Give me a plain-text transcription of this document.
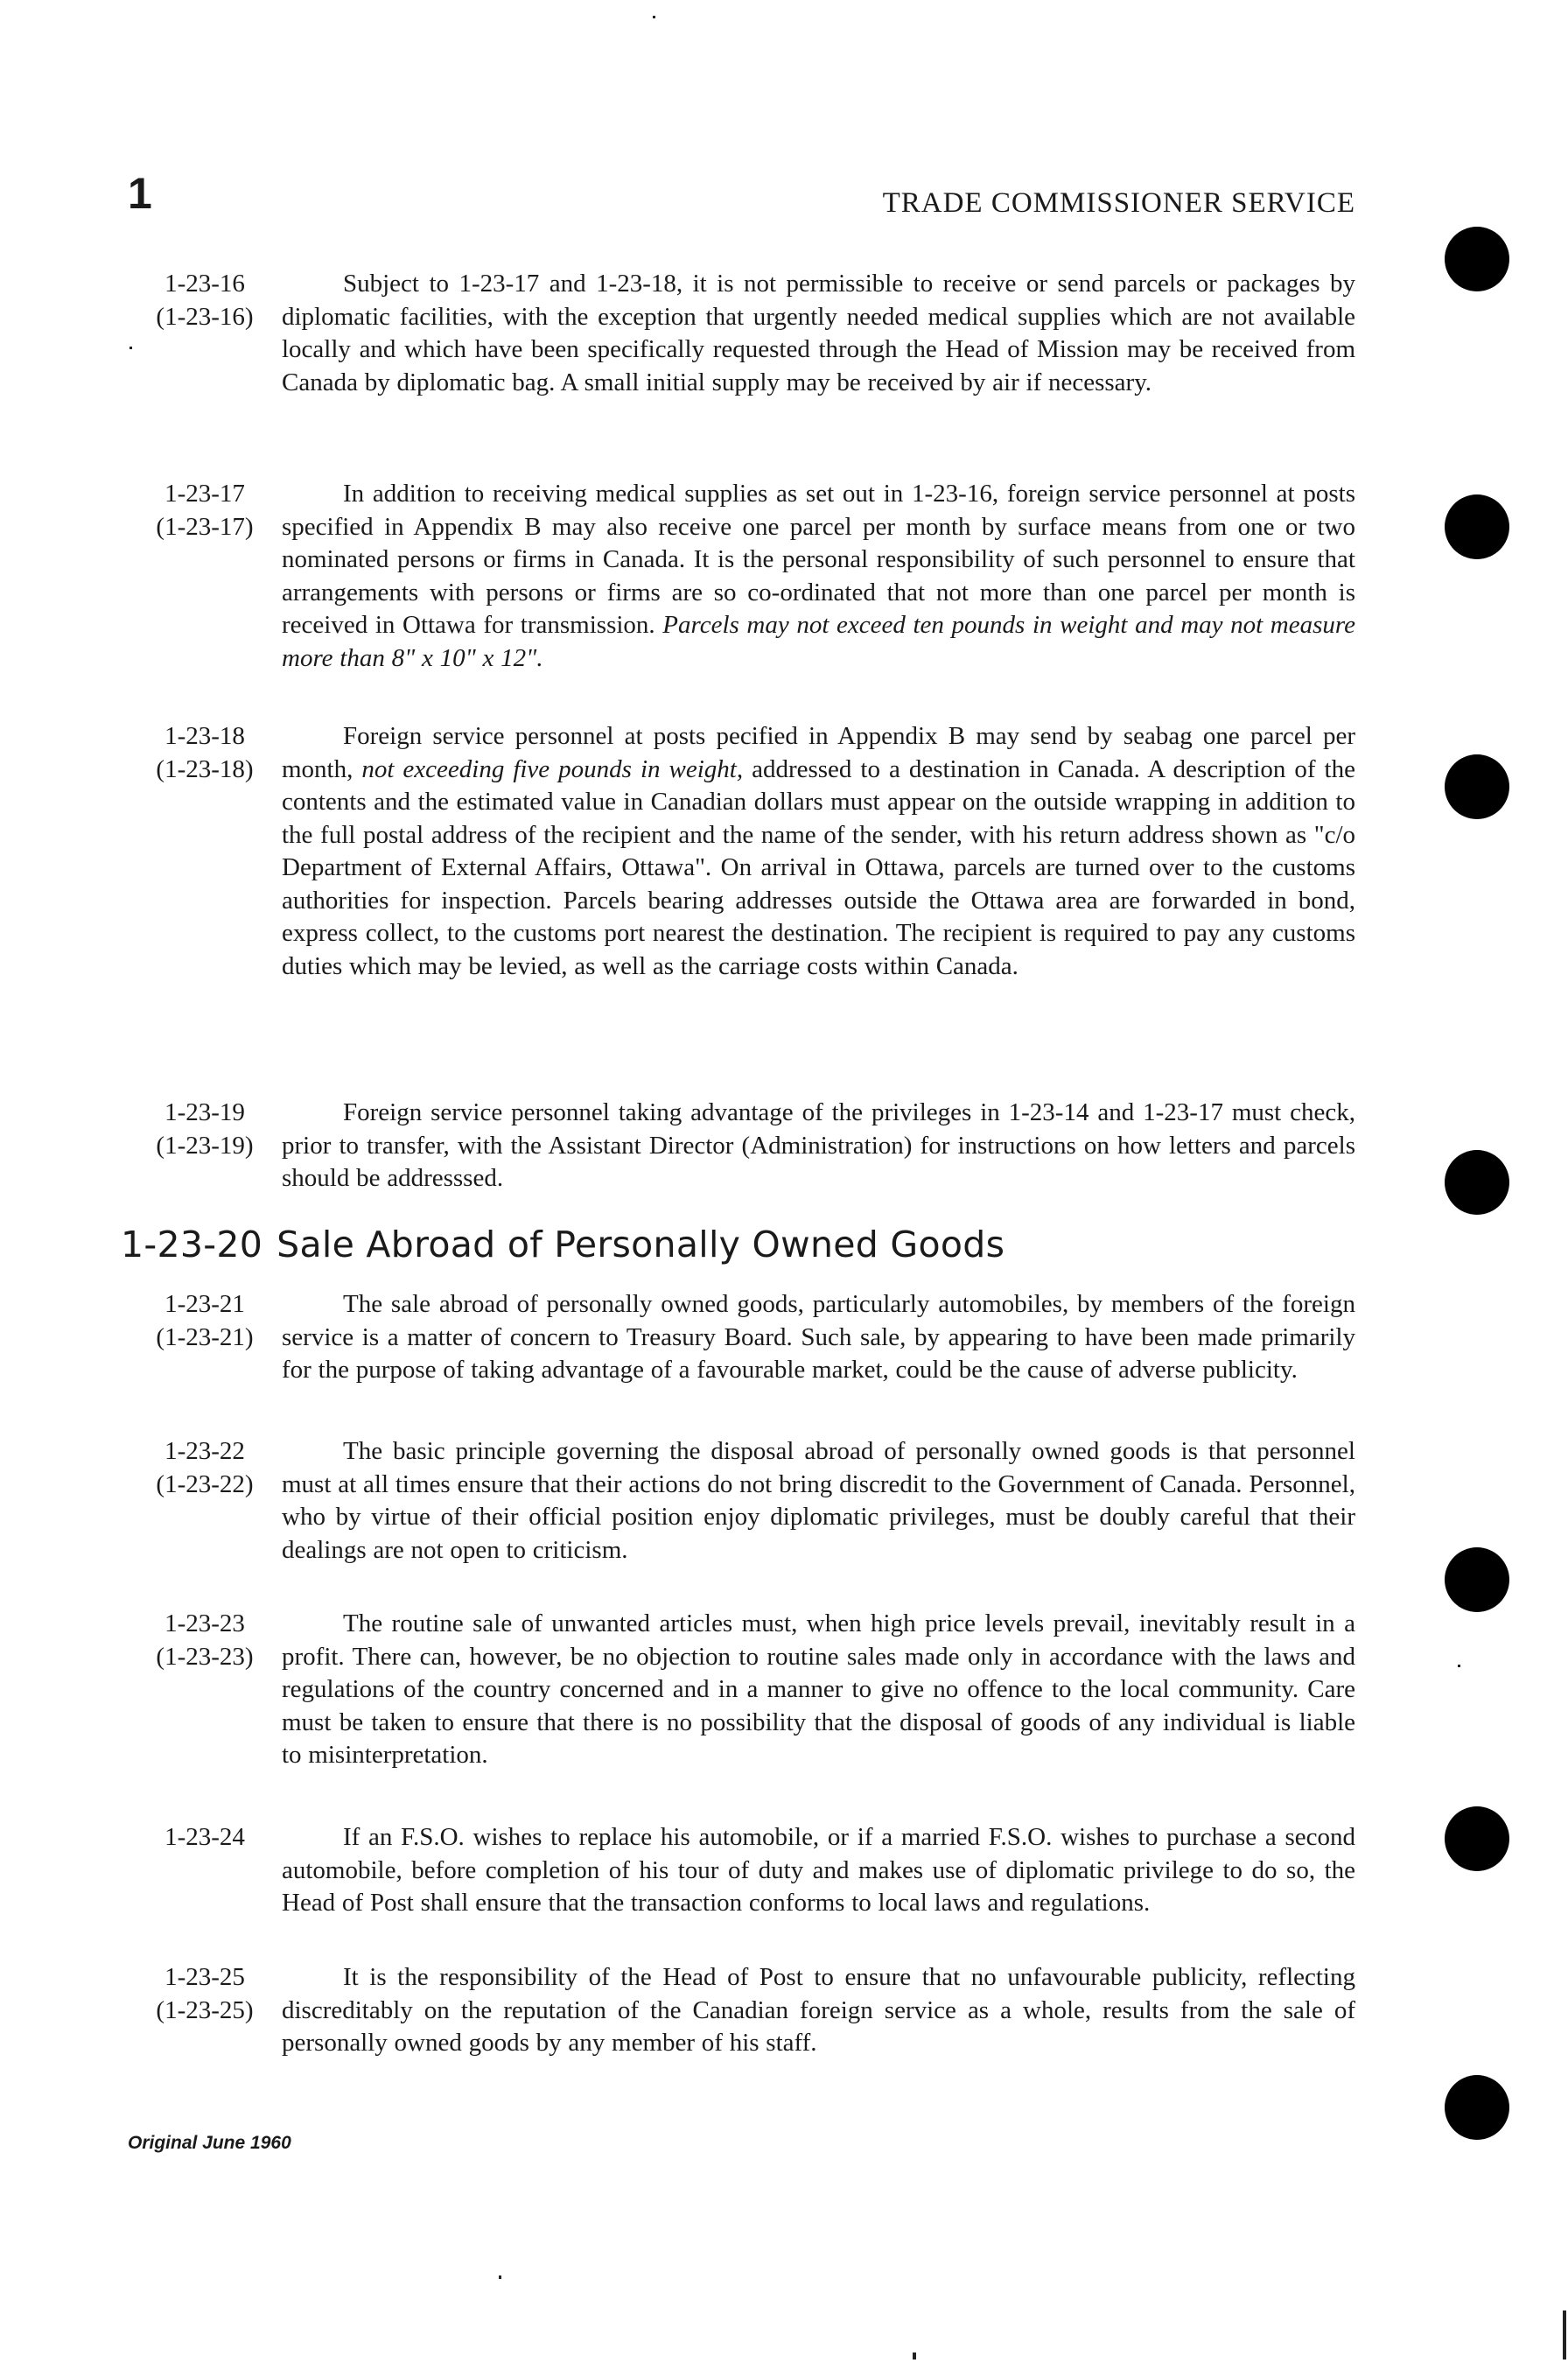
1	TRADE COMMISSIONER SERVICE
1-23-16
(1-23-16)

Subject to 1-23-17 and 1-23-18, it is not permissible to receive or send parcels or packages by diplomatic facilities, with the exception that urgently needed medical supplies which are not available locally and which have been specifically requested through the Head of Mission may be received from Canada by diplomatic bag. A small initial supply may be received by air if necessary.

1-23-17
(1-23-17)

In addition to receiving medical supplies as set out in 1-23-16, foreign service personnel at posts specified in Appendix B may also receive one parcel per month by surface means from one or two nominated persons or firms in Canada. It is the personal responsibility of such personnel to ensure that arrangements with persons or firms are so co-ordinated that not more than one parcel per month is received in Ottawa for transmission. Parcels may not exceed ten pounds in weight and may not measure more than 8" x 10" x 12".

1-23-18
(1-23-18)

Foreign service personnel at posts pecified in Appendix B may send by seabag one parcel per month, not exceeding five pounds in weight, addressed to a destination in Canada. A description of the contents and the estimated value in Canadian dollars must appear on the outside wrapping in addition to the full postal address of the recipient and the name of the sender, with his return address shown as "c/o Department of External Affairs, Ottawa". On arrival in Ottawa, parcels are turned over to the customs authorities for inspection. Parcels bearing addresses outside the Ottawa area are forwarded in bond, express collect, to the customs port nearest the destination. The recipient is required to pay any customs duties which may be levied, as well as the carriage costs within Canada.

1-23-19
(1-23-19)

Foreign service personnel taking advantage of the privileges in 1-23-14 and 1-23-17 must check, prior to transfer, with the Assistant Director (Administration) for instructions on how letters and parcels should be addresssed.

1-23-20 Sale Abroad of Personally Owned Goods
1-23-21
(1-23-21)

The sale abroad of personally owned goods, particularly automobiles, by members of the foreign service is a matter of concern to Treasury Board. Such sale, by appearing to have been made primarily for the purpose of taking advantage of a favourable market, could be the cause of adverse publicity.

1-23-22
(1-23-22)

The basic principle governing the disposal abroad of personally owned goods is that personnel must at all times ensure that their actions do not bring discredit to the Government of Canada. Personnel, who by virtue of their official position enjoy diplomatic privileges, must be doubly careful that their dealings are not open to criticism.

1-23-23
(1-23-23)

The routine sale of unwanted articles must, when high price levels prevail, inevitably result in a profit. There can, however, be no objection to routine sales made only in accordance with the laws and regulations of the country concerned and in a manner to give no offence to the local community. Care must be taken to ensure that there is no possibility that the disposal of goods of any individual is liable to misinterpretation.

1-23-24	If an F.S.O. wishes to replace his automobile, or if a married F.S.O. wishes to purchase a second automobile, before completion of his tour of duty and makes use of diplomatic privilege to do so, the Head of Post shall ensure that the transaction conforms to local laws and regulations.

1-23-25
(1-23-25)

It is the responsibility of the Head of Post to ensure that no unfavourable publicity, reflecting discreditably on the reputation of the Canadian foreign service as a whole, results from the sale of personally owned goods by any member of his staff.

Original June 1960
